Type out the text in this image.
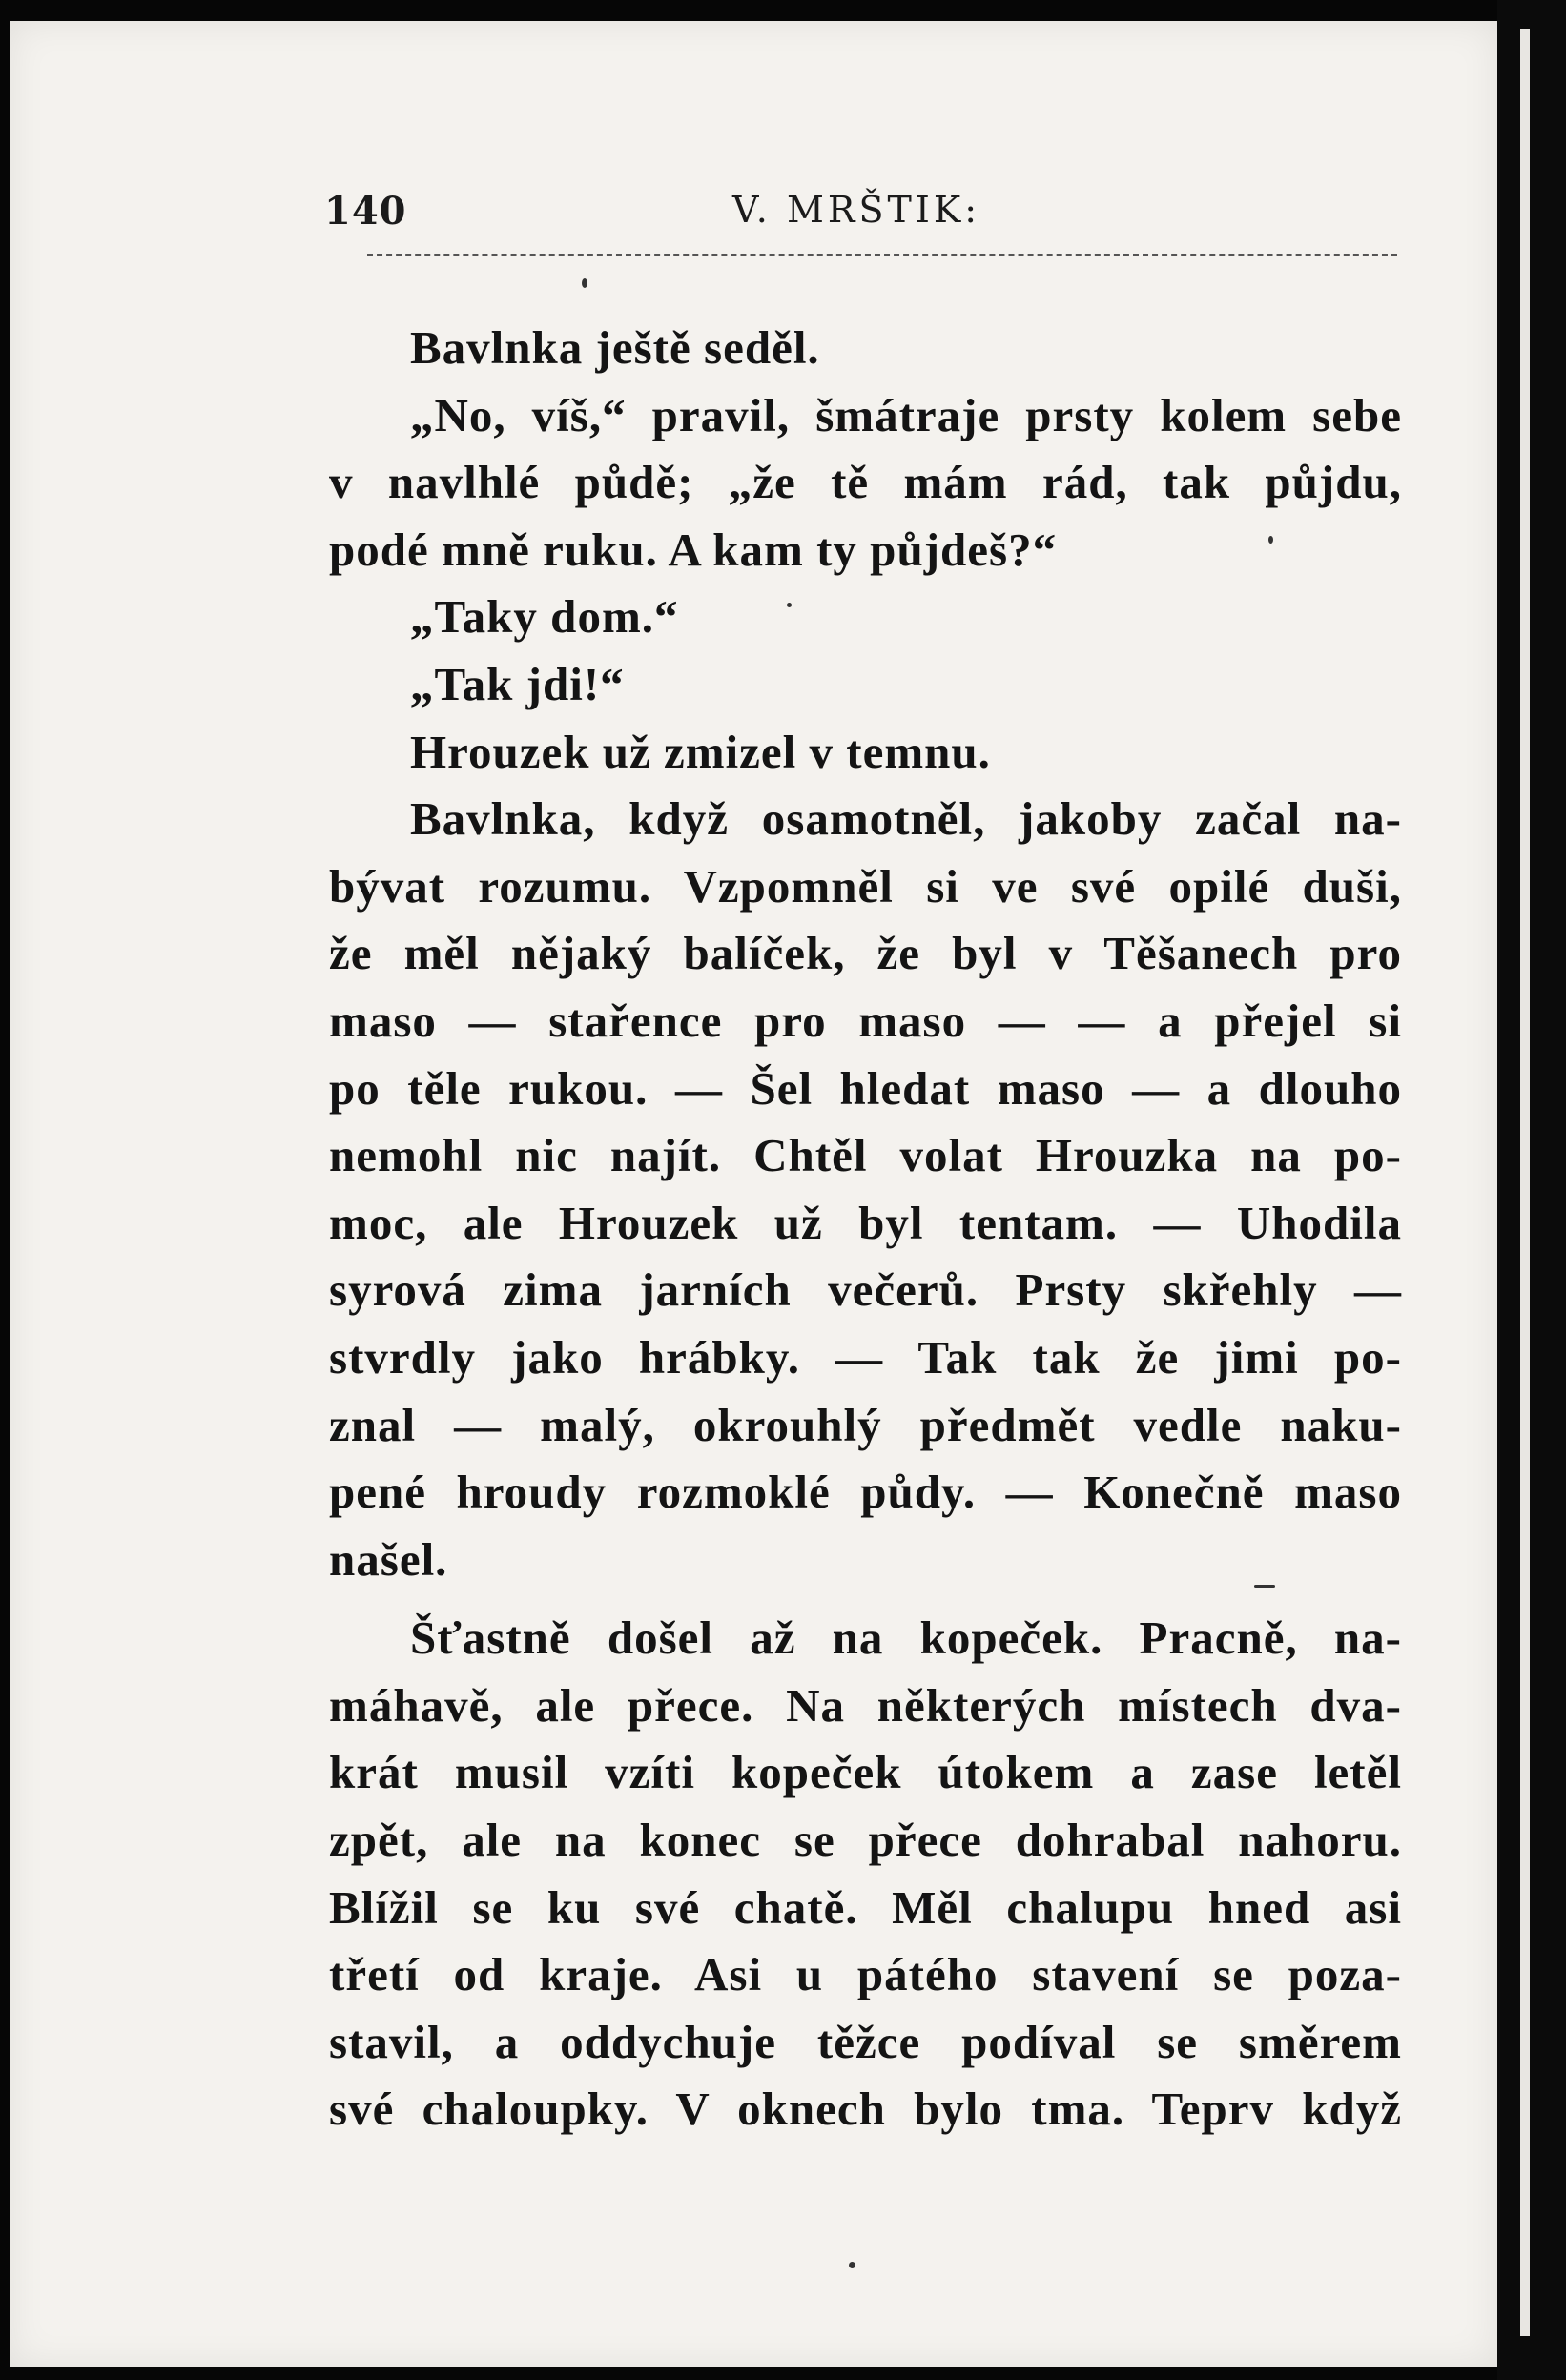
140	V. MRŠTIK:
Bavlnka ještě seděl.
„No, víš,“ pravil, šmátraje prsty kolem sebe
v navlhlé půdě; „že tě mám rád, tak půjdu,
podé mně ruku. A kam ty půjdeš?“
„Taky dom.“
„Tak jdi!“
Hrouzek už zmizel v temnu.
Bavlnka, když osamotněl, jakoby začal na-
bývat rozumu. Vzpomněl si ve své opilé duši,
že měl nějaký balíček, že byl v Těšanech pro
maso — stařence pro maso — — a přejel si
po těle rukou. — Šel hledat maso — a dlouho
nemohl nic najít. Chtěl volat Hrouzka na po-
moc, ale Hrouzek už byl tentam. — Uhodila
syrová zima jarních večerů. Prsty skřehly —
stvrdly jako hrábky. — Tak tak že jimi po-
znal — malý, okrouhlý předmět vedle naku-
pené hroudy rozmoklé půdy. — Konečně maso
našel.
Šťastně došel až na kopeček. Pracně, na-
máhavě, ale přece. Na některých místech dva-
krát musil vzíti kopeček útokem a zase letěl
zpět, ale na konec se přece dohrabal nahoru.
Blížil se ku své chatě. Měl chalupu hned asi
třetí od kraje. Asi u pátého stavení se poza-
stavil, a oddychuje těžce podíval se směrem
své chaloupky. V oknech bylo tma. Teprv když
